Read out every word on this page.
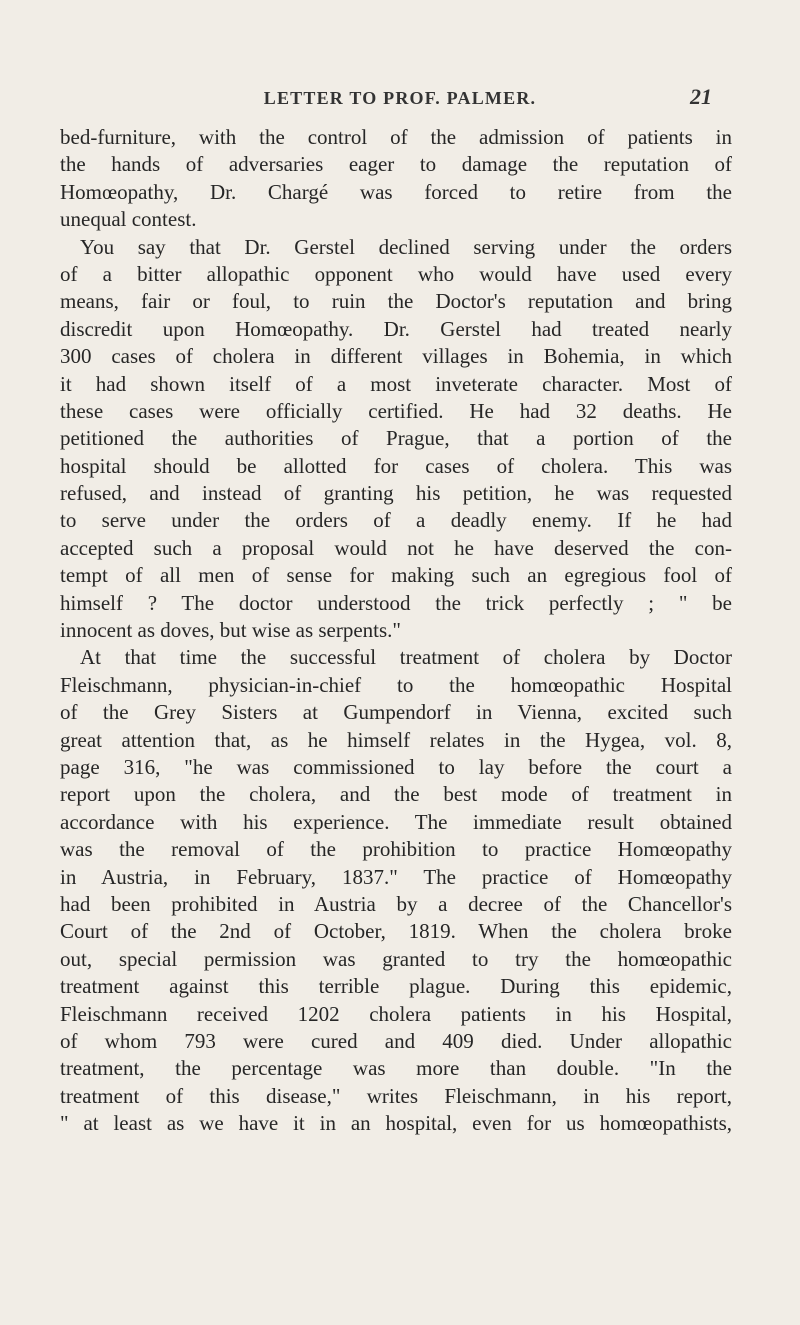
LETTER TO PROF. PALMER.	21
bed-furniture, with the control of the admission of patients in
the hands of adversaries eager to damage the reputation of
Homœopathy, Dr. Chargé was forced to retire from the
unequal contest.
You say that Dr. Gerstel declined serving under the orders
of a bitter allopathic opponent who would have used every
means, fair or foul, to ruin the Doctor's reputation and bring
discredit upon Homœopathy. Dr. Gerstel had treated nearly
300 cases of cholera in different villages in Bohemia, in which
it had shown itself of a most inveterate character. Most of
these cases were officially certified. He had 32 deaths. He
petitioned the authorities of Prague, that a portion of the
hospital should be allotted for cases of cholera. This was
refused, and instead of granting his petition, he was requested
to serve under the orders of a deadly enemy. If he had
accepted such a proposal would not he have deserved the con-
tempt of all men of sense for making such an egregious fool of
himself ? The doctor understood the trick perfectly ; " be
innocent as doves, but wise as serpents."
At that time the successful treatment of cholera by Doctor
Fleischmann, physician-in-chief to the homœopathic Hospital
of the Grey Sisters at Gumpendorf in Vienna, excited such
great attention that, as he himself relates in the Hygea, vol. 8,
page 316, "he was commissioned to lay before the court a
report upon the cholera, and the best mode of treatment in
accordance with his experience. The immediate result obtained
was the removal of the prohibition to practice Homœopathy
in Austria, in February, 1837." The practice of Homœopathy
had been prohibited in Austria by a decree of the Chancellor's
Court of the 2nd of October, 1819. When the cholera broke
out, special permission was granted to try the homœopathic
treatment against this terrible plague. During this epidemic,
Fleischmann received 1202 cholera patients in his Hospital,
of whom 793 were cured and 409 died. Under allopathic
treatment, the percentage was more than double. "In the
treatment of this disease," writes Fleischmann, in his report,
" at least as we have it in an hospital, even for us homœopathists,
